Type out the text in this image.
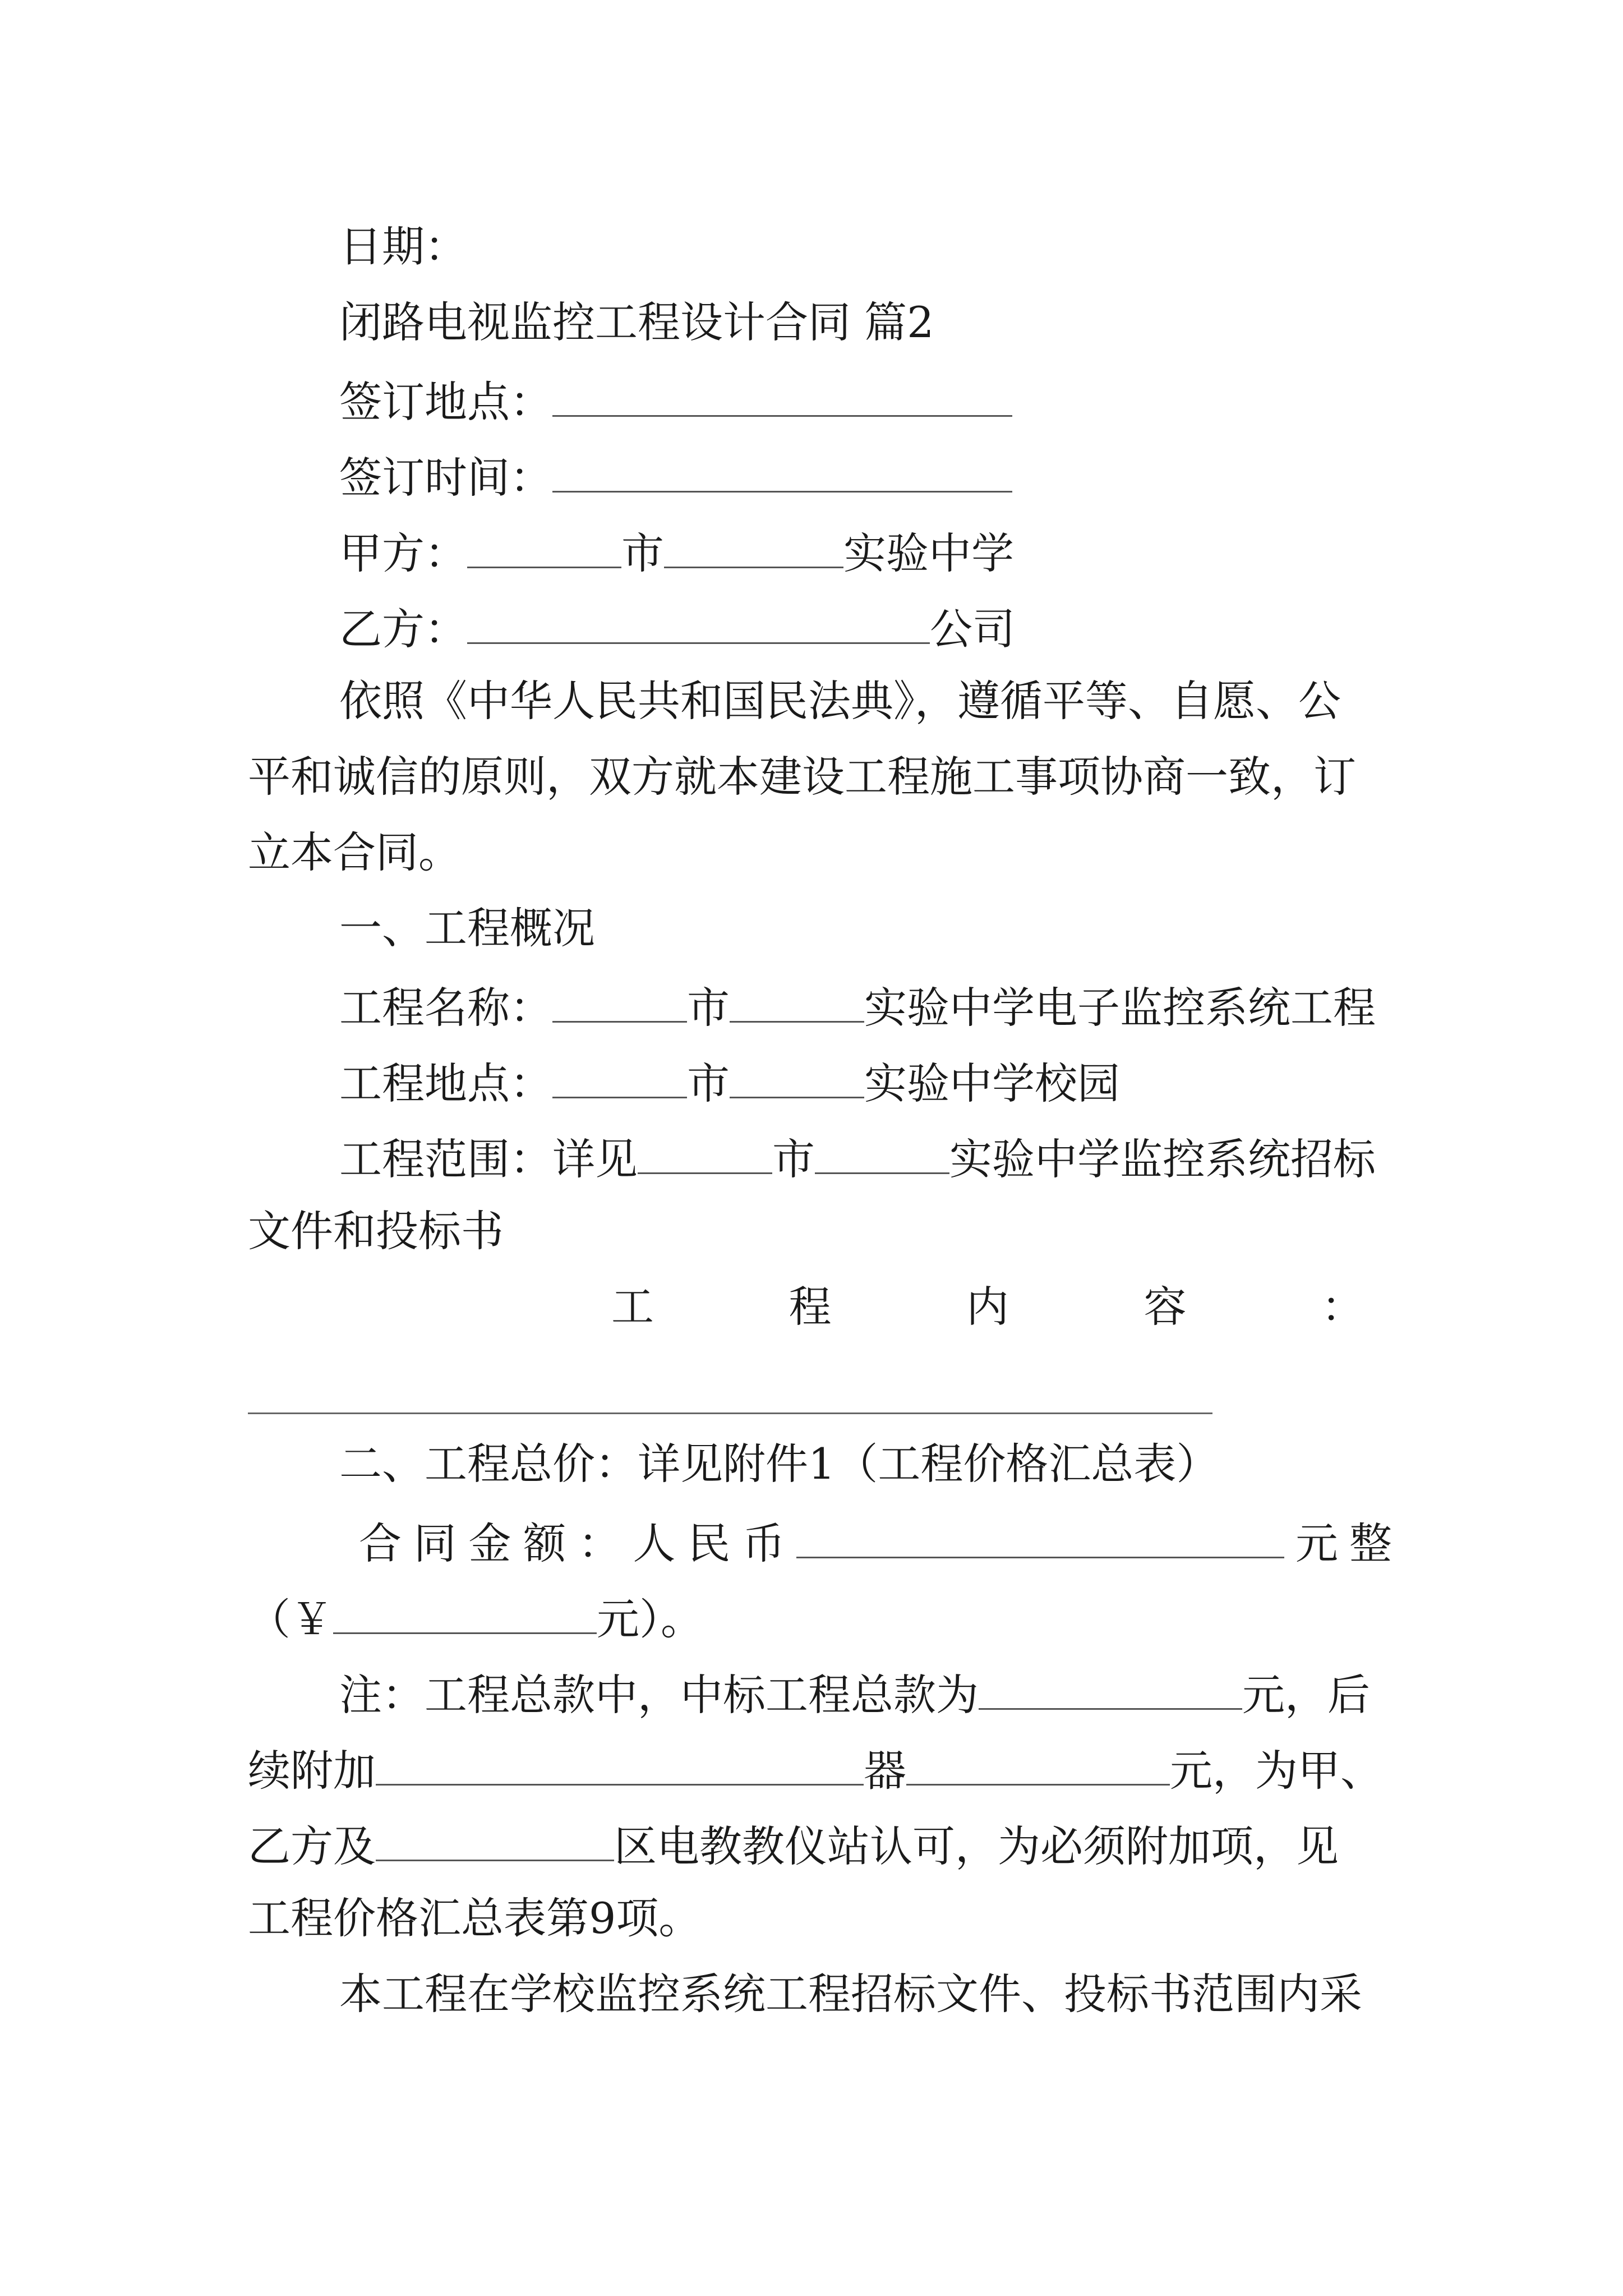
日期：
闭路电视监控工程设计合同 篇2
签订地点：
签订时间：
甲方：	市	实验中学
乙方：	公司
依照《中华人民共和国民法典》，遵循平等、自愿、公
平和诚信的原则，双方就本建设工程施工事项协商一致，订
立本合同。
一、工程概况
工程名称：	市	实验中学电子监控系统工程
工程地点：	市	实验中学校园
工程范围：详见	市	实验中学监控系统招标
文件和投标书
工	程	内	容	：
二、工程总价：详见附件1（工程价格汇总表）
合 同 金 额 ： 人 民 币	元整
（￥	元）。
注：工程总款中，中标工程总款为	元，后
续附加	器	元，为甲、
乙方及	区电教教仪站认可，为必须附加项，见
工程价格汇总表第9项。
本工程在学校监控系统工程招标文件、投标书范围内采
